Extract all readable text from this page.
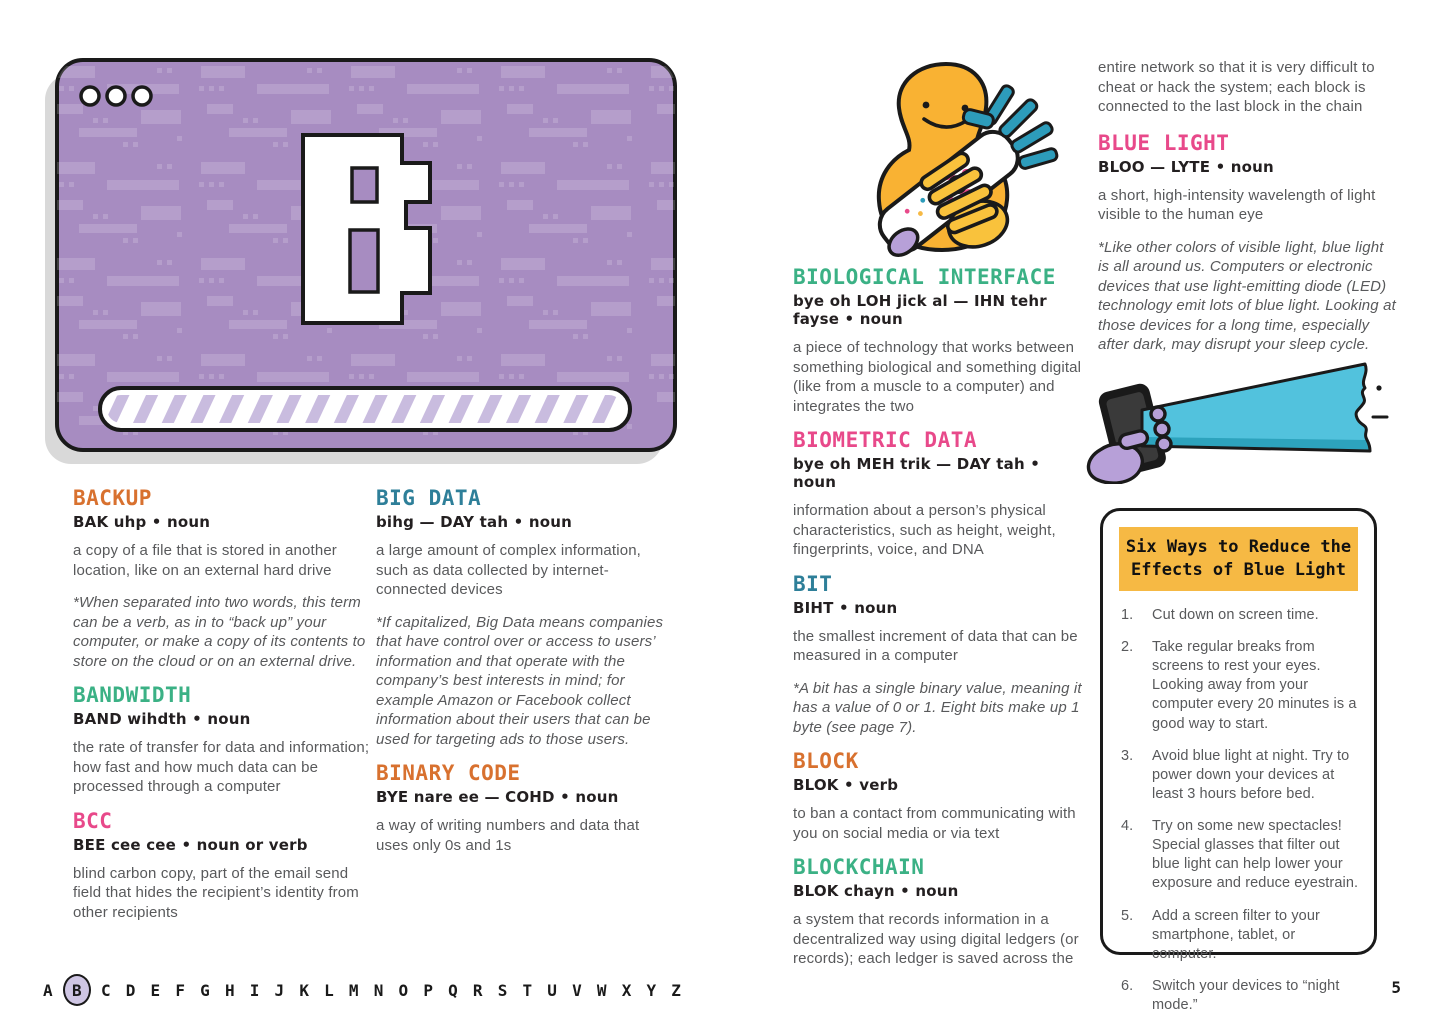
BACKUP

BAK uhp • noun

a copy of a file that is stored in another location, like on an external hard drive

*When separated into two words, this term can be a verb, as in to “back up” your computer, or make a copy of its contents to store on the cloud or on an external drive.

BANDWIDTH

BAND wihdth • noun

the rate of transfer for data and information; how fast and how much data can be processed through a computer

BCC

BEE cee cee • noun or verb

blind carbon copy, part of the email send field that hides the recipient’s identity from other recipients

BIG DATA

bihg — DAY tah • noun

a large amount of complex information, such as data collected by internet-connected devices

*If capitalized, Big Data means companies that have control over or access to users’ information and that operate with the company’s best interests in mind; for example Amazon or Facebook collect information about their users that can be used for targeting ads to those users.

BINARY CODE

BYE nare ee — COHD • noun

a way of writing numbers and data that uses only 0s and 1s

BIOLOGICAL INTERFACE

bye oh LOH jick al — IHN tehr fayse • noun

a piece of technology that works between something biological and something digital (like from a muscle to a computer) and integrates the two

BIOMETRIC DATA

bye oh MEH trik — DAY tah • noun

information about a person’s physical characteristics, such as height, weight, fingerprints, voice, and DNA

BIT

BIHT • noun

the smallest increment of data that can be measured in a computer

*A bit has a single binary value, meaning it has a value of 0 or 1. Eight bits make up 1 byte (see page 7).

BLOCK

BLOK • verb

to ban a contact from communicating with you on social media or via text

BLOCKCHAIN

BLOK chayn • noun

a system that records information in a decentralized way using digital ledgers (or records); each ledger is saved across the

entire network so that it is very difficult to cheat or hack the system; each block is connected to the last block in the chain

BLUE LIGHT

BLOO — LYTE • noun

a short, high-intensity wavelength of light visible to the human eye

*Like other colors of visible light, blue light is all around us. Computers or electronic devices that use light-emitting diode (LED) technology emit lots of blue light. Looking at those devices for a long time, especially after dark, may disrupt your sleep cycle.

Six Ways to Reduce the Effects of Blue Light
Cut down on screen time.
Take regular breaks from screens to rest your eyes. Looking away from your computer every 20 minutes is a good way to start.
Avoid blue light at night. Try to power down your devices at least 3 hours before bed.
Try on some new spectacles! Special glasses that filter out blue light can help lower your exposure and reduce eyestrain.
Add a screen filter to your smartphone, tablet, or computer.
Switch your devices to “night mode.”
A	B	C D E F G H I J K L M N O P Q R S T U V W X Y Z	5
